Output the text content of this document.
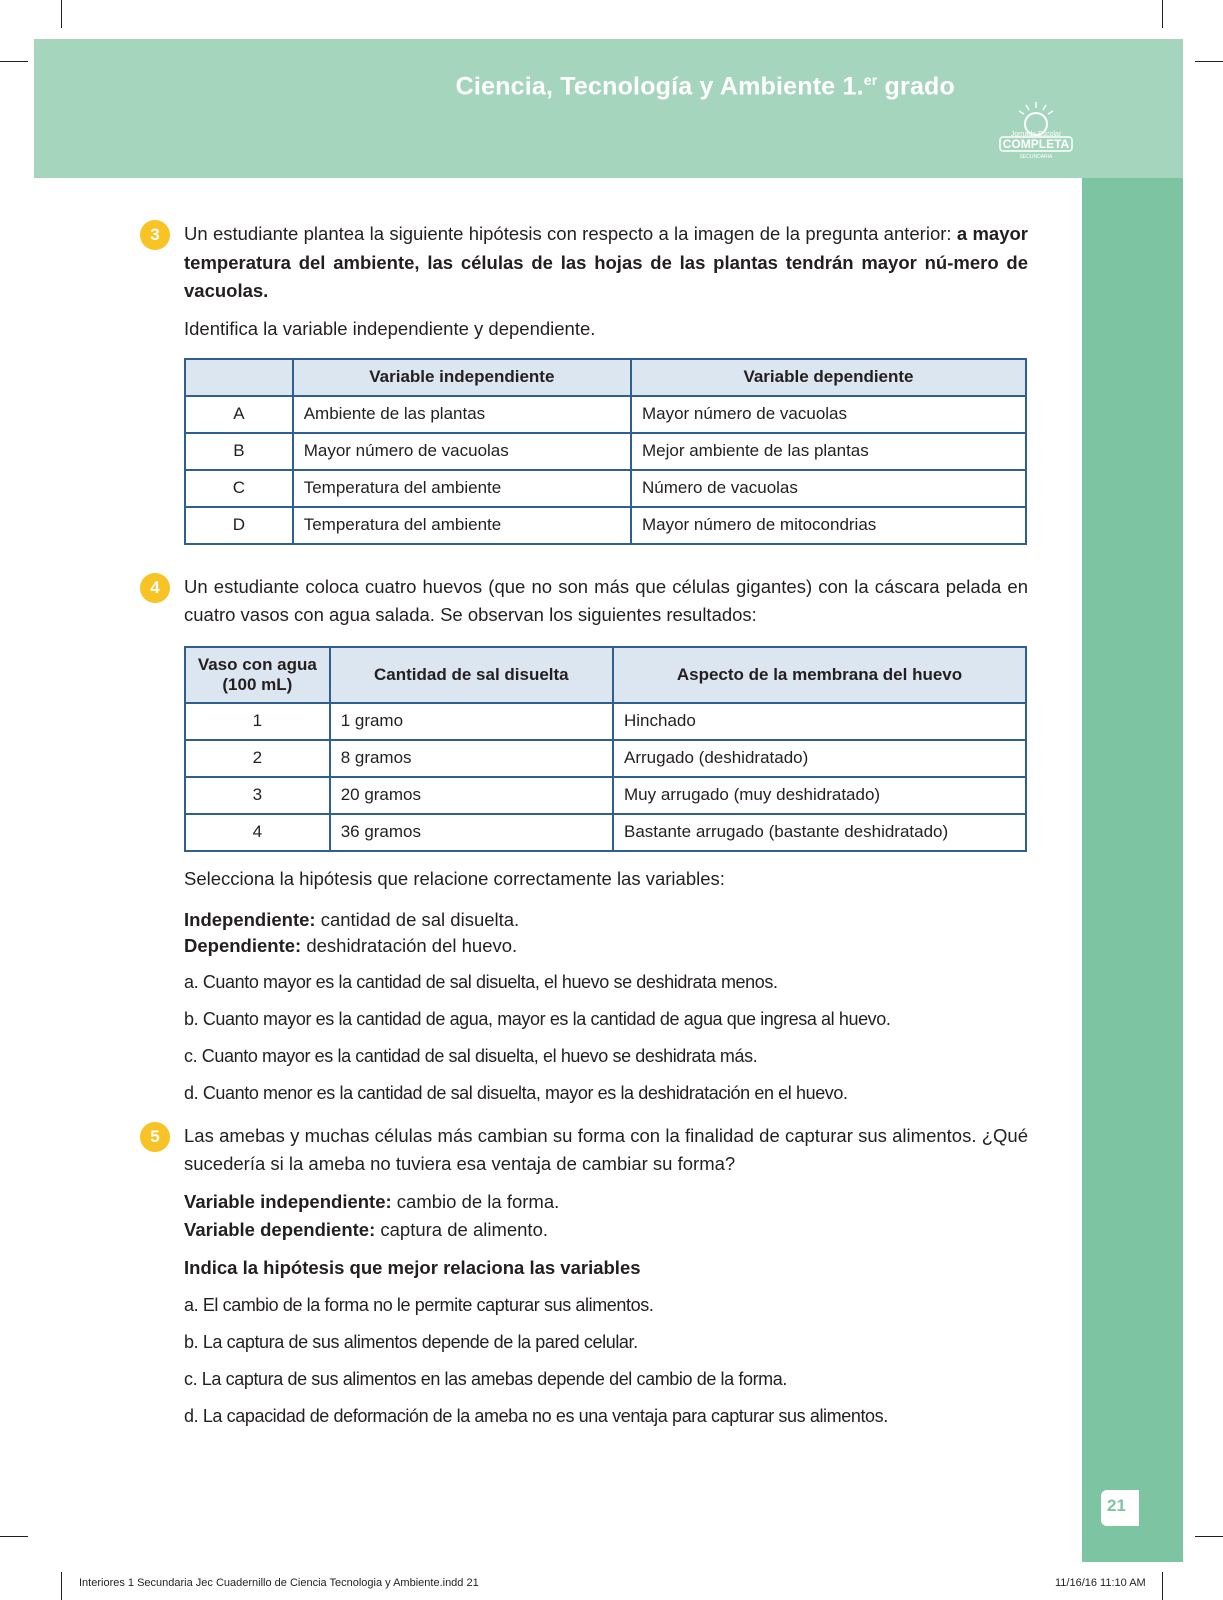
Ciencia, Tecnología y Ambiente 1.$^{er}$ grado
Jornada Escolar
COMPLETA
SECUNDARIA
21
3	Un estudiante plantea la siguiente hipótesis con respecto a la imagen de la pregunta anterior: a mayor temperatura del ambiente, las células de las hojas de las plantas tendrán mayor nú-mero de vacuolas.

Identifica la variable independiente y dependiente.

	Variable independiente	Variable dependiente
A	Ambiente de las plantas	Mayor número de vacuolas
B	Mayor número de vacuolas	Mejor ambiente de las plantas
C	Temperatura del ambiente	Número de vacuolas
D	Temperatura del ambiente	Mayor número de mitocondrias
4	Un estudiante coloca cuatro huevos (que no son más que células gigantes) con la cáscara pelada en cuatro vasos con agua salada. Se observan los siguientes resultados:

Vaso con agua (100 mL)	Cantidad de sal disuelta	Aspecto de la membrana del huevo
1	1 gramo	Hinchado
2	8 gramos	Arrugado (deshidratado)
3	20 gramos	Muy arrugado (muy deshidratado)
4	36 gramos	Bastante arrugado (bastante deshidratado)

Selecciona la hipótesis que relacione correctamente las variables:

Independiente: cantidad de sal disuelta.

Dependiente: deshidratación del huevo.

a. Cuanto mayor es la cantidad de sal disuelta, el huevo se deshidrata menos.

b. Cuanto mayor es la cantidad de agua, mayor es la cantidad de agua que ingresa al huevo.

c. Cuanto mayor es la cantidad de sal disuelta, el huevo se deshidrata más.

d. Cuanto menor es la cantidad de sal disuelta, mayor es la deshidratación en el huevo.

5	Las amebas y muchas células más cambian su forma con la finalidad de capturar sus alimentos. ¿Qué sucedería si la ameba no tuviera esa ventaja de cambiar su forma?

Variable independiente: cambio de la forma.

Variable dependiente: captura de alimento.

Indica la hipótesis que mejor relaciona las variables

a. El cambio de la forma no le permite capturar sus alimentos.

b. La captura de sus alimentos depende de la pared celular.

c. La captura de sus alimentos en las amebas depende del cambio de la forma.

d. La capacidad de deformación de la ameba no es una ventaja para capturar sus alimentos.

Interiores 1 Secundaria Jec Cuadernillo de Ciencia Tecnologia y Ambiente.indd 21	11/16/16 11:10 AM
